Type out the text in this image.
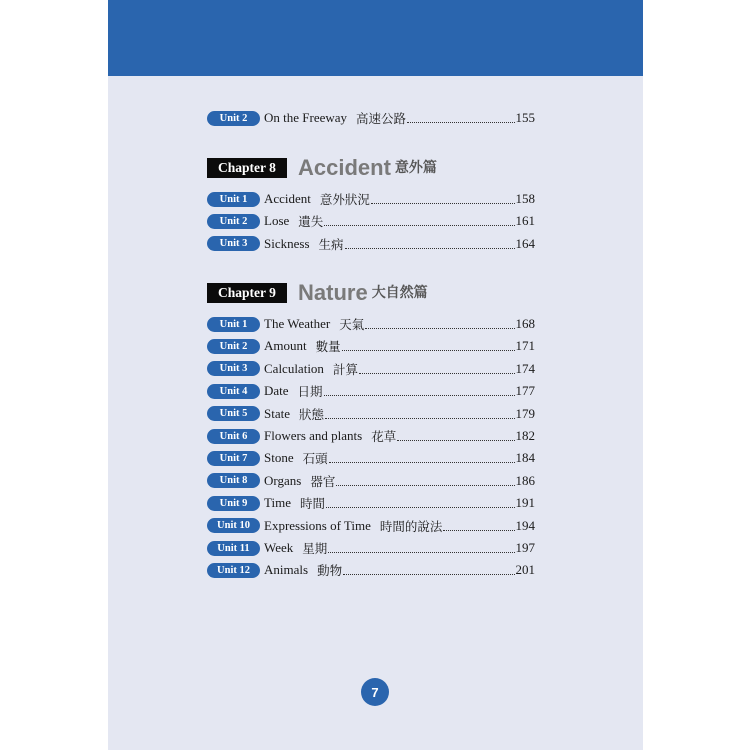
Unit 2	On the Freeway 高速公路	155
Chapter 8	Accident 意外篇
Unit 1	Accident 意外狀況	158
Unit 2	Lose 遺失	161
Unit 3	Sickness 生病	164
Chapter 9	Nature 大自然篇
Unit 1	The Weather 天氣	168
Unit 2	Amount 數量	171
Unit 3	Calculation 計算	174
Unit 4	Date 日期	177
Unit 5	State 狀態	179
Unit 6	Flowers and plants 花草	182
Unit 7	Stone 石頭	184
Unit 8	Organs 器官	186
Unit 9	Time 時間	191
Unit 10	Expressions of Time 時間的說法	194
Unit 11	Week 星期	197
Unit 12	Animals 動物	201
7
